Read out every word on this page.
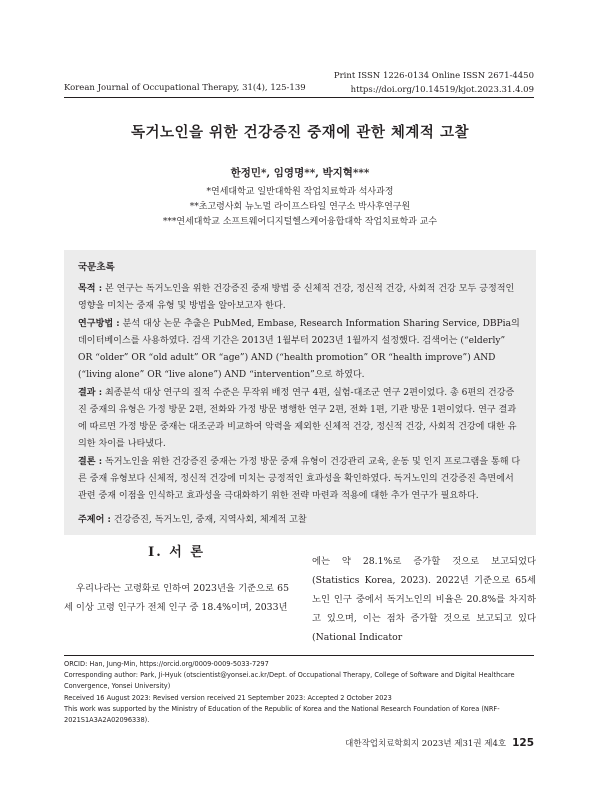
Print ISSN 1226-0134 Online ISSN 2671-4450
https://doi.org/10.14519/kjot.2023.31.4.09
Korean Journal of Occupational Therapy, 31(4), 125-139
독거노인을 위한 건강증진 중재에 관한 체계적 고찰
한정민*, 임영명**, 박지혁***
*연세대학교 일반대학원 작업치료학과 석사과정
**초고령사회 뉴노멀 라이프스타일 연구소 박사후연구원
***연세대학교 소프트웨어디지털헬스케어융합대학 작업치료학과 교수
국문초록
목적 : 본 연구는 독거노인을 위한 건강증진 중재 방법 중 신체적 건강, 정신적 건강, 사회적 건강 모두 긍정적인 영향을 미치는 중재 유형 및 방법을 알아보고자 한다.
연구방법 : 분석 대상 논문 추출은 PubMed, Embase, Research Information Sharing Service, DBPia의 데이터베이스를 사용하였다. 검색 기간은 2013년 1월부터 2023년 1월까지 설정했다. 검색어는 (“elderly” OR “older” OR “old adult” OR “age”) AND (“health promotion” OR “health improve”) AND (“living alone” OR “live alone”) AND “intervention”으로 하였다.
결과 : 최종분석 대상 연구의 질적 수준은 무작위 배정 연구 4편, 실험-대조군 연구 2편이었다. 총 6편의 건강증진 중재의 유형은 가정 방문 2편, 전화와 가정 방문 병행한 연구 2편, 전화 1편, 기관 방문 1편이었다. 연구 결과에 따르면 가정 방문 중재는 대조군과 비교하여 악력을 제외한 신체적 건강, 정신적 건강, 사회적 건강에 대한 유의한 차이를 나타냈다.
결론 : 독거노인을 위한 건강증진 중재는 가정 방문 중재 유형이 건강관리 교육, 운동 및 인지 프로그램을 통해 다른 중재 유형보다 신체적, 정신적 건강에 미치는 긍정적인 효과성을 확인하였다. 독거노인의 건강증진 측면에서 관련 중재 이점을 인식하고 효과성을 극대화하기 위한 전략 마련과 적용에 대한 추가 연구가 필요하다.
주제어 : 건강증진, 독거노인, 중재, 지역사회, 체계적 고찰
Ⅰ. 서 론

우리나라는 고령화로 인하여 2023년을 기준으로 65세 이상 고령 인구가 전체 인구 중 18.4%이며, 2033년

에는 약 28.1%로 증가할 것으로 보고되었다(Statistics Korea, 2023). 2022년 기준으로 65세 노인 인구 중에서 독거노인의 비율은 20.8%를 차지하고 있으며, 이는 점차 증가할 것으로 보고되고 있다(National Indicator

ORCID: Han, Jung-Min, https://orcid.org/0009-0009-5033-7297
Corresponding author: Park, Ji-Hyuk (otscientist@yonsei.ac.kr/Dept. of Occupational Therapy, College of Software and Digital Healthcare Convergence, Yonsei University)
Received 16 August 2023: Revised version received 21 September 2023: Accepted 2 October 2023
This work was supported by the Ministry of Education of the Republic of Korea and the National Research Foundation of Korea (NRF-2021S1A3A2A02096338).
대한작업치료학회지 2023년 제31권 제4호 125
